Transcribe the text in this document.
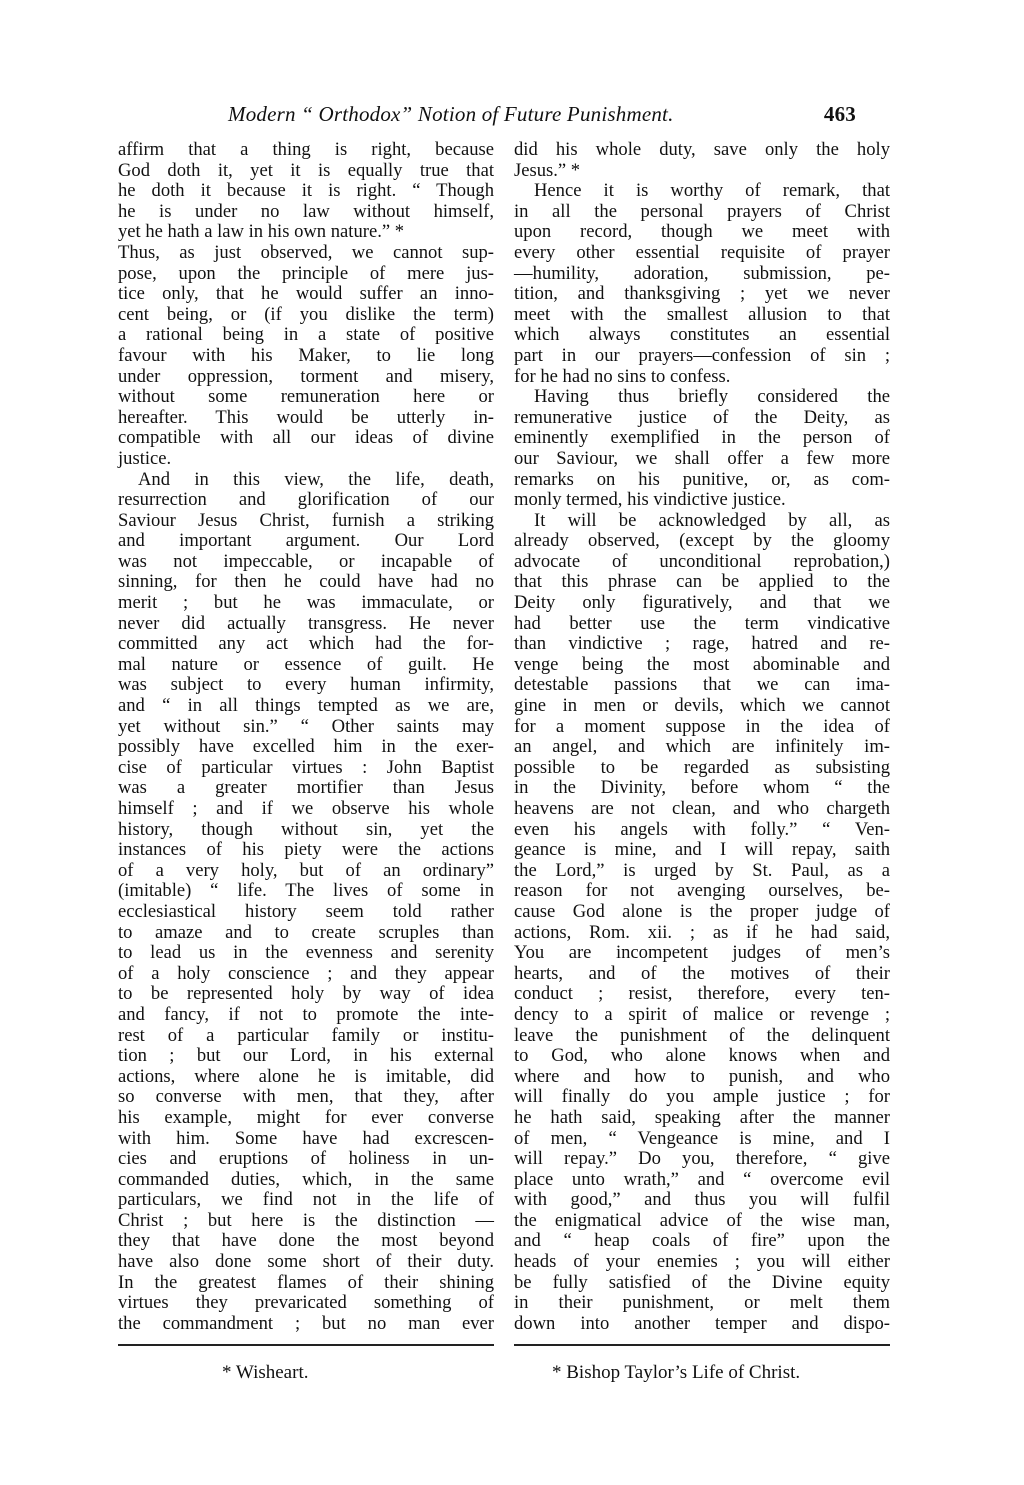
Modern “ Orthodox” Notion of Future Punishment.	463
affirm that a thing is right, because
God doth it, yet it is equally true that
he doth it because it is right. “ Though
he is under no law without himself,
yet he hath a law in his own nature.” *
Thus, as just observed, we cannot sup-
pose, upon the principle of mere jus-
tice only, that he would suffer an inno-
cent being, or (if you dislike the term)
a rational being in a state of positive
favour with his Maker, to lie long
under oppression, torment and misery,
without some remuneration here or
hereafter. This would be utterly in-
compatible with all our ideas of divine
justice.
And in this view, the life, death,
resurrection and glorification of our
Saviour Jesus Christ, furnish a striking
and important argument. Our Lord
was not impeccable, or incapable of
sinning, for then he could have had no
merit ; but he was immaculate, or
never did actually transgress. He never
committed any act which had the for-
mal nature or essence of guilt. He
was subject to every human infirmity,
and “ in all things tempted as we are,
yet without sin.” “ Other saints may
possibly have excelled him in the exer-
cise of particular virtues : John Baptist
was a greater mortifier than Jesus
himself ; and if we observe his whole
history, though without sin, yet the
instances of his piety were the actions
of a very holy, but of an ordinary”
(imitable) “ life. The lives of some in
ecclesiastical history seem told rather
to amaze and to create scruples than
to lead us in the evenness and serenity
of a holy conscience ; and they appear
to be represented holy by way of idea
and fancy, if not to promote the inte-
rest of a particular family or institu-
tion ; but our Lord, in his external
actions, where alone he is imitable, did
so converse with men, that they, after
his example, might for ever converse
with him. Some have had excrescen-
cies and eruptions of holiness in un-
commanded duties, which, in the same
particulars, we find not in the life of
Christ ; but here is the distinction —
they that have done the most beyond
have also done some short of their duty.
In the greatest flames of their shining
virtues they prevaricated something of
the commandment ; but no man ever
did his whole duty, save only the holy
Jesus.” *
Hence it is worthy of remark, that
in all the personal prayers of Christ
upon record, though we meet with
every other essential requisite of prayer
—humility, adoration, submission, pe-
tition, and thanksgiving ; yet we never
meet with the smallest allusion to that
which always constitutes an essential
part in our prayers—confession of sin ;
for he had no sins to confess.
Having thus briefly considered the
remunerative justice of the Deity, as
eminently exemplified in the person of
our Saviour, we shall offer a few more
remarks on his punitive, or, as com-
monly termed, his vindictive justice.
It will be acknowledged by all, as
already observed, (except by the gloomy
advocate of unconditional reprobation,)
that this phrase can be applied to the
Deity only figuratively, and that we
had better use the term vindicative
than vindictive ; rage, hatred and re-
venge being the most abominable and
detestable passions that we can ima-
gine in men or devils, which we cannot
for a moment suppose in the idea of
an angel, and which are infinitely im-
possible to be regarded as subsisting
in the Divinity, before whom “ the
heavens are not clean, and who chargeth
even his angels with folly.” “ Ven-
geance is mine, and I will repay, saith
the Lord,” is urged by St. Paul, as a
reason for not avenging ourselves, be-
cause God alone is the proper judge of
actions, Rom. xii. ; as if he had said,
You are incompetent judges of men’s
hearts, and of the motives of their
conduct ; resist, therefore, every ten-
dency to a spirit of malice or revenge ;
leave the punishment of the delinquent
to God, who alone knows when and
where and how to punish, and who
will finally do you ample justice ; for
he hath said, speaking after the manner
of men, “ Vengeance is mine, and I
will repay.” Do you, therefore, “ give
place unto wrath,” and “ overcome evil
with good,” and thus you will fulfil
the enigmatical advice of the wise man,
and “ heap coals of fire” upon the
heads of your enemies ; you will either
be fully satisfied of the Divine equity
in their punishment, or melt them
down into another temper and dispo-
* Wisheart.	* Bishop Taylor’s Life of Christ.
